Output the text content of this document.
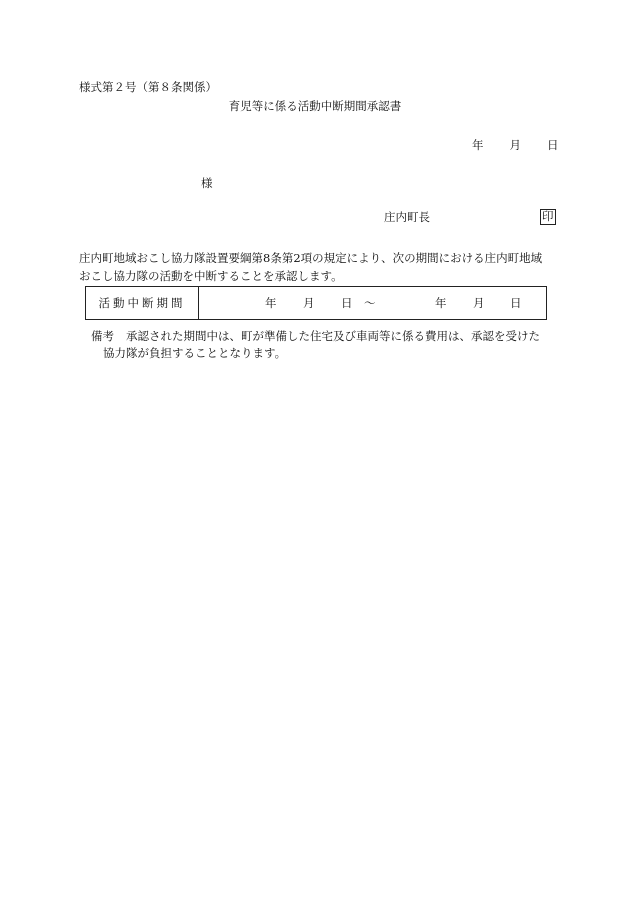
様式第２号（第８条関係）
育児等に係る活動中断期間承認書
年 月 日
様
庄内町長	印
庄内町地域おこし協力隊設置要綱第8条第2項の規定により、次の期間における庄内町地域
おこし協力隊の活動を中断することを承認します。
活動中断期間	年 月 日 ～	年 月 日
備考 承認された期間中は、町が準備した住宅及び車両等に係る費用は、承認を受けた
協力隊が負担することとなります。
